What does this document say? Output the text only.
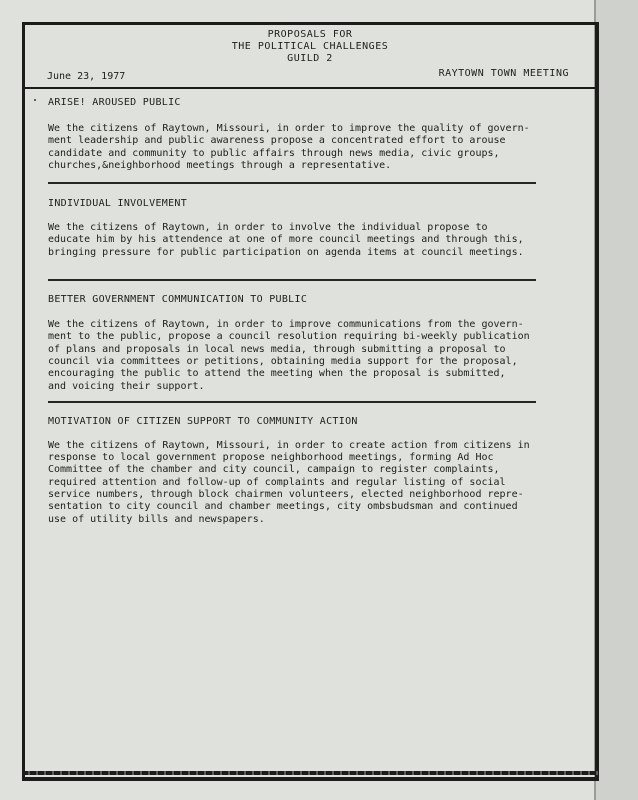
PROPOSALS FOR
THE POLITICAL CHALLENGES
GUILD 2
June 23, 1977	RAYTOWN TOWN MEETING
ARISE! AROUSED PUBLIC
We the citizens of Raytown, Missouri, in order to improve the quality of govern-
ment leadership and public awareness propose a concentrated effort to arouse
candidate and community to public affairs through news media, civic groups,
churches,&neighborhood meetings through a representative.
INDIVIDUAL INVOLVEMENT
We the citizens of Raytown, in order to involve the individual propose to
educate him by his attendence at one of more council meetings and through this,
bringing pressure for public participation on agenda items at council meetings.
BETTER GOVERNMENT COMMUNICATION TO PUBLIC
We the citizens of Raytown, in order to improve communications from the govern-
ment to the public, propose a council resolution requiring bi-weekly publication
of plans and proposals in local news media, through submitting a proposal to
council via committees or petitions, obtaining media support for the proposal,
encouraging the public to attend the meeting when the proposal is submitted,
and voicing their support.
MOTIVATION OF CITIZEN SUPPORT TO COMMUNITY ACTION
We the citizens of Raytown, Missouri, in order to create action from citizens in
response to local government propose neighborhood meetings, forming Ad Hoc
Committee of the chamber and city council, campaign to register complaints,
required attention and follow-up of complaints and regular listing of social
service numbers, through block chairmen volunteers, elected neighborhood repre-
sentation to city council and chamber meetings, city ombsbudsman and continued
use of utility bills and newspapers.
